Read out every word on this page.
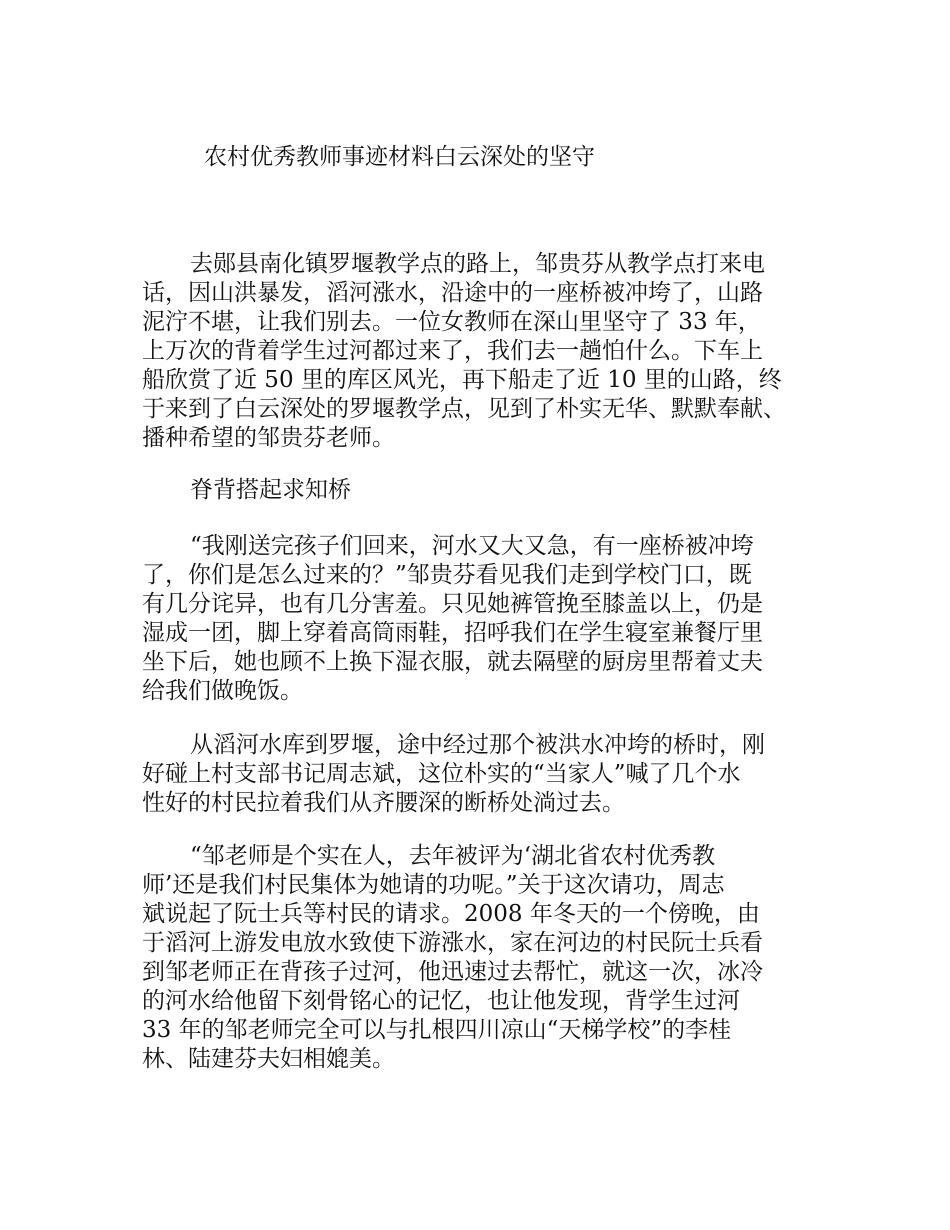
农村优秀教师事迹材料白云深处的坚守
去郧县南化镇罗堰教学点的路上，邹贵芬从教学点打来电
话，因山洪暴发，滔河涨水，沿途中的一座桥被冲垮了，山路
泥泞不堪，让我们别去。一位女教师在深山里坚守了 33 年，
上万次的背着学生过河都过来了，我们去一趟怕什么。下车上
船欣赏了近 50 里的库区风光，再下船走了近 10 里的山路，终
于来到了白云深处的罗堰教学点，见到了朴实无华、默默奉献、
播种希望的邹贵芬老师。
脊背搭起求知桥
“我刚送完孩子们回来，河水又大又急，有一座桥被冲垮
了，你们是怎么过来的？”邹贵芬看见我们走到学校门口，既
有几分诧异，也有几分害羞。只见她裤管挽至膝盖以上，仍是
湿成一团，脚上穿着高筒雨鞋，招呼我们在学生寝室兼餐厅里
坐下后，她也顾不上换下湿衣服，就去隔壁的厨房里帮着丈夫
给我们做晚饭。
从滔河水库到罗堰，途中经过那个被洪水冲垮的桥时，刚
好碰上村支部书记周志斌，这位朴实的“当家人”喊了几个水
性好的村民拉着我们从齐腰深的断桥处淌过去。
“邹老师是个实在人，去年被评为‘湖北省农村优秀教
师’还是我们村民集体为她请的功呢。”关于这次请功，周志
斌说起了阮士兵等村民的请求。2008 年冬天的一个傍晚，由
于滔河上游发电放水致使下游涨水，家在河边的村民阮士兵看
到邹老师正在背孩子过河，他迅速过去帮忙，就这一次，冰冷
的河水给他留下刻骨铭心的记忆，也让他发现，背学生过河
33 年的邹老师完全可以与扎根四川凉山“天梯学校”的李桂
林、陆建芬夫妇相媲美。
